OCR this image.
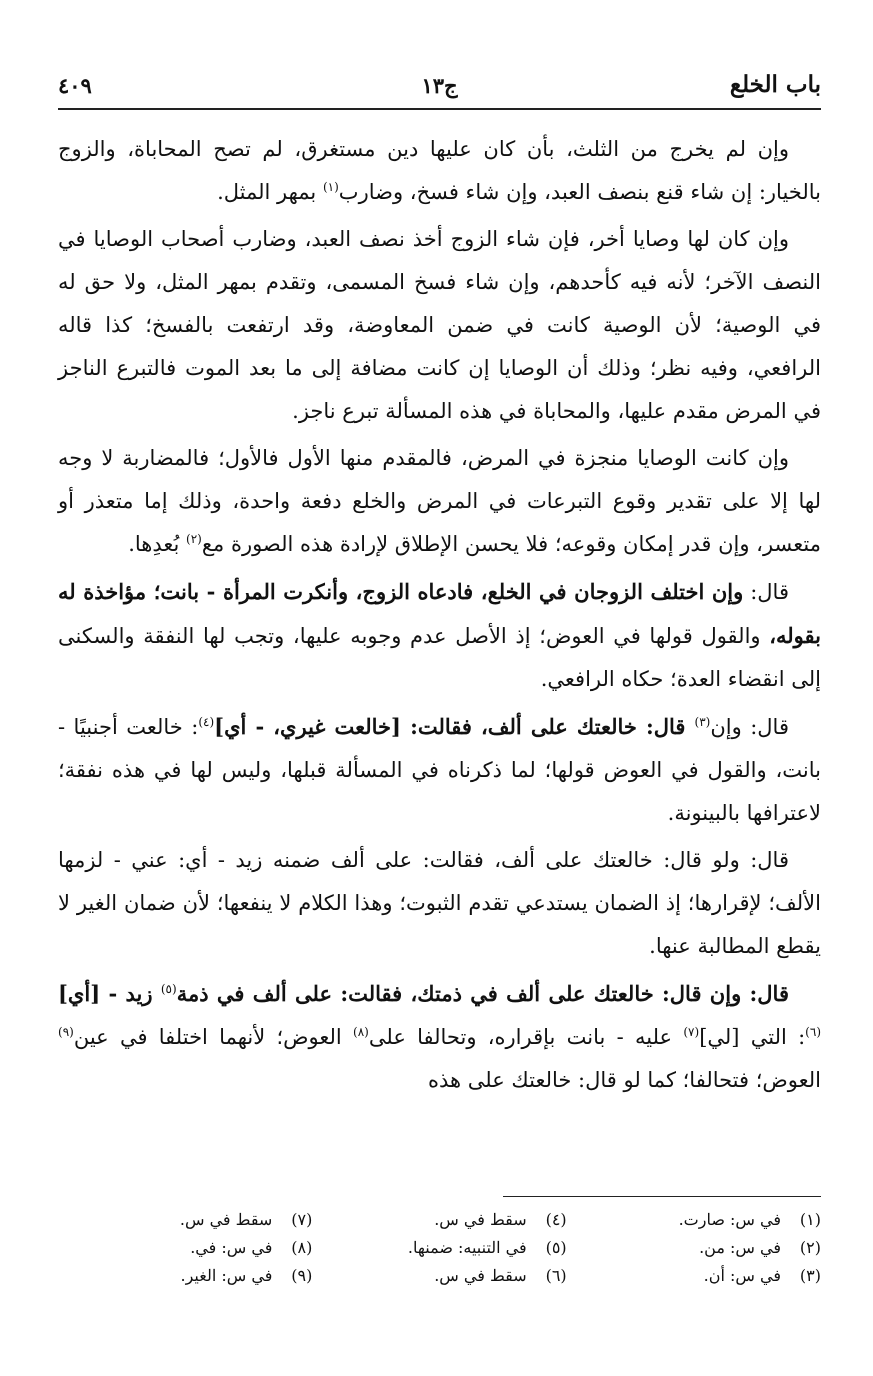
باب الخلع
ج١٣
٤٠٩

وإن لم يخرج من الثلث، بأن كان عليها دين مستغرق، لم تصح المحاباة، والزوج بالخيار: إن شاء قنع بنصف العبد، وإن شاء فسخ، وضارب$^{(١)}$ بمهر المثل.

وإن كان لها وصايا أخر، فإن شاء الزوج أخذ نصف العبد، وضارب أصحاب الوصايا في النصف الآخر؛ لأنه فيه كأحدهم، وإن شاء فسخ المسمى، وتقدم بمهر المثل، ولا حق له في الوصية؛ لأن الوصية كانت في ضمن المعاوضة، وقد ارتفعت بالفسخ؛ كذا قاله الرافعي، وفيه نظر؛ وذلك أن الوصايا إن كانت مضافة إلى ما بعد الموت فالتبرع الناجز في المرض مقدم عليها، والمحاباة في هذه المسألة تبرع ناجز.

وإن كانت الوصايا منجزة في المرض، فالمقدم منها الأول فالأول؛ فالمضاربة لا وجه لها إلا على تقدير وقوع التبرعات في المرض والخلع دفعة واحدة، وذلك إما متعذر أو متعسر، وإن قدر إمكان وقوعه؛ فلا يحسن الإطلاق لإرادة هذه الصورة مع$^{(٢)}$ بُعدِها.

قال: وإن اختلف الزوجان في الخلع، فادعاه الزوج، وأنكرت المرأة - بانت؛ مؤاخذة له بقوله، والقول قولها في العوض؛ إذ الأصل عدم وجوبه عليها، وتجب لها النفقة والسكنى إلى انقضاء العدة؛ حكاه الرافعي.

قال: وإن$^{(٣)}$ قال: خالعتك على ألف، فقالت: [خالعت غيري، - أي]$^{(٤)}$: خالعت أجنبيًا - بانت، والقول في العوض قولها؛ لما ذكرناه في المسألة قبلها، وليس لها في هذه نفقة؛ لاعترافها بالبينونة.

قال: ولو قال: خالعتك على ألف، فقالت: على ألف ضمنه زيد - أي: عني - لزمها الألف؛ لإقرارها؛ إذ الضمان يستدعي تقدم الثبوت؛ وهذا الكلام لا ينفعها؛ لأن ضمان الغير لا يقطع المطالبة عنها.

قال: وإن قال: خالعتك على ألف في ذمتك، فقالت: على ألف في ذمة$^{(٥)}$ زيد - [أي]$^{(٦)}$: التي [لي]$^{(٧)}$ عليه - بانت بإقراره، وتحالفا على$^{(٨)}$ العوض؛ لأنهما اختلفا في عين$^{(٩)}$ العوض؛ فتحالفا؛ كما لو قال: خالعتك على هذه

(١)
في س: صارت.
(٤)
سقط في س.
(٧)
سقط في س.
(٢)
في س: من.
(٥)
في التنبيه: ضمنها.
(٨)
في س: في.
(٣)
في س: أن.
(٦)
سقط في س.
(٩)
في س: الغير.
